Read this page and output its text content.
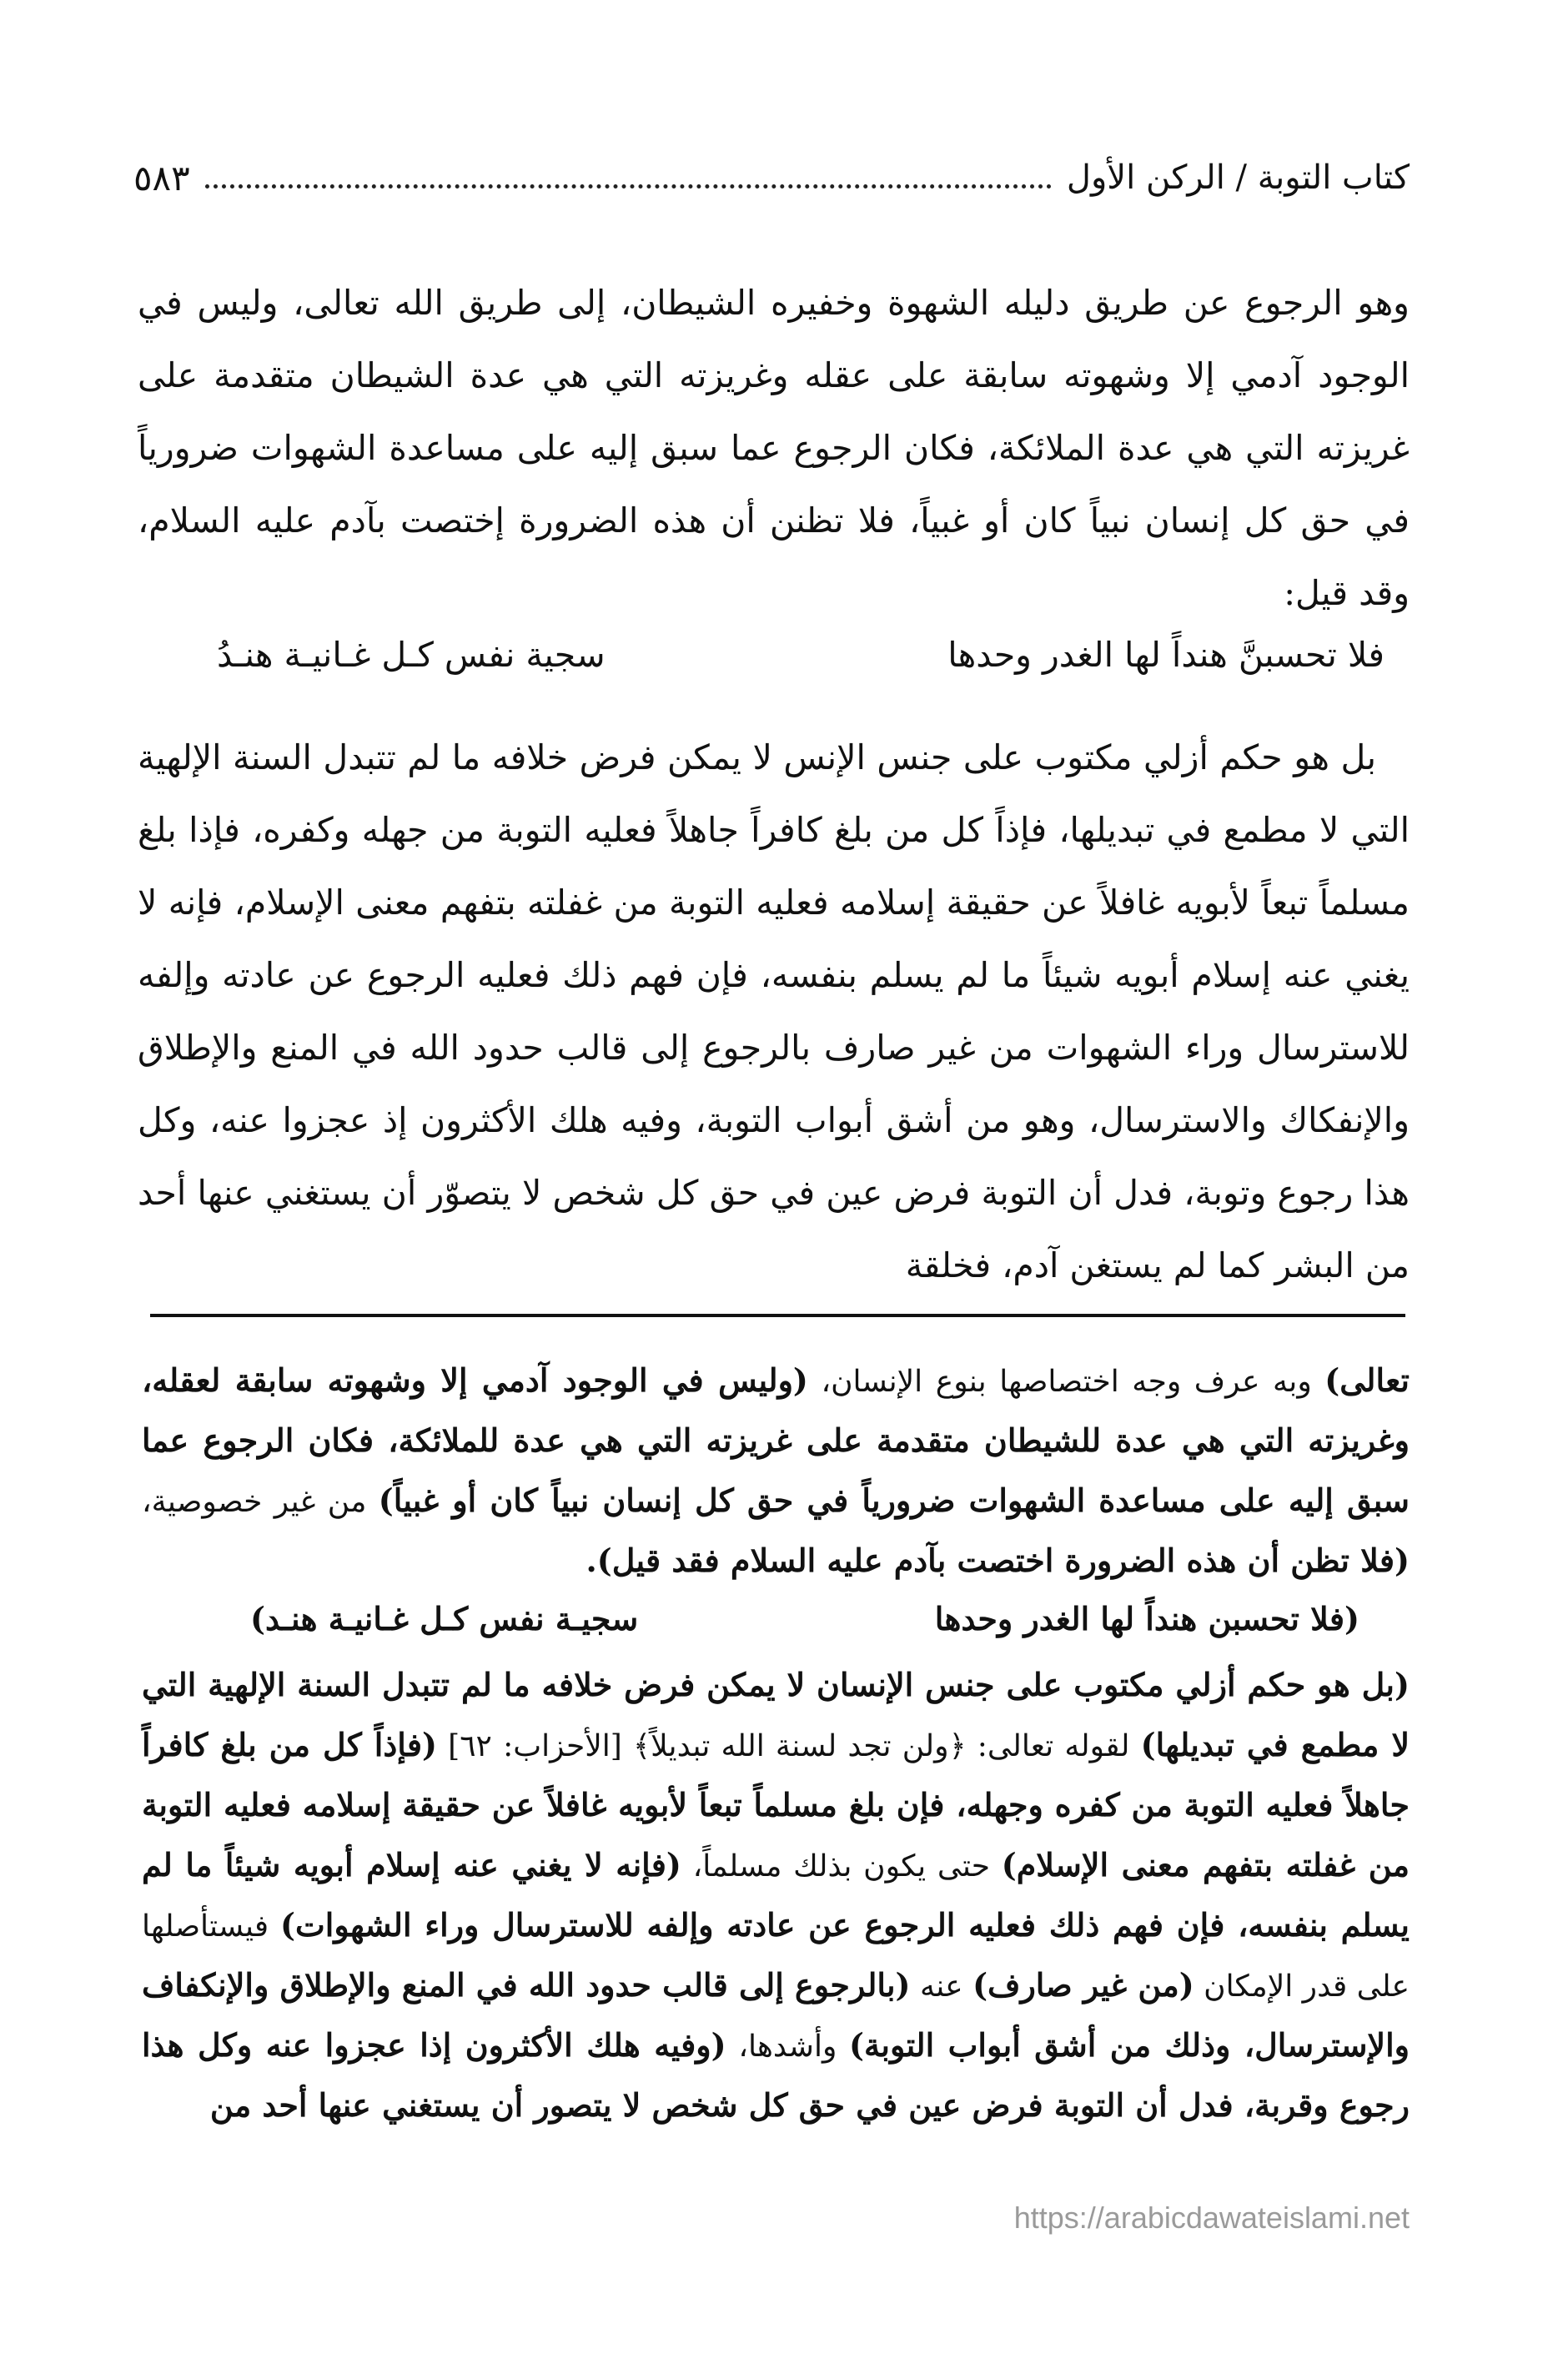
كتاب التوبة / الركن الأول
٥٨٣

وهو الرجوع عن طريق دليله الشهوة وخفيره الشيطان، إلى طريق الله تعالى، وليس في الوجود آدمي إلا وشهوته سابقة على عقله وغريزته التي هي عدة الشيطان متقدمة على غريزته التي هي عدة الملائكة، فكان الرجوع عما سبق إليه على مساعدة الشهوات ضرورياً في حق كل إنسان نبياً كان أو غبياً، فلا تظنن أن هذه الضرورة إختصت بآدم عليه السلام، وقد قيل:

فلا تحسبنَّ هنداً لها الغدر وحدها
سجية نفس كـل غـانيـة هنـدُ

بل هو حكم أزلي مكتوب على جنس الإنس لا يمكن فرض خلافه ما لم تتبدل السنة الإلهية التي لا مطمع في تبديلها، فإذاً كل من بلغ كافراً جاهلاً فعليه التوبة من جهله وكفره، فإذا بلغ مسلماً تبعاً لأبويه غافلاً عن حقيقة إسلامه فعليه التوبة من غفلته بتفهم معنى الإسلام، فإنه لا يغني عنه إسلام أبويه شيئاً ما لم يسلم بنفسه، فإن فهم ذلك فعليه الرجوع عن عادته وإلفه للاسترسال وراء الشهوات من غير صارف بالرجوع إلى قالب حدود الله في المنع والإطلاق والإنفكاك والاسترسال، وهو من أشق أبواب التوبة، وفيه هلك الأكثرون إذ عجزوا عنه، وكل هذا رجوع وتوبة، فدل أن التوبة فرض عين في حق كل شخص لا يتصوّر أن يستغني عنها أحد من البشر كما لم يستغن آدم، فخلقة

تعالى) وبه عرف وجه اختصاصها بنوع الإنسان، (وليس في الوجود آدمي إلا وشهوته سابقة لعقله، وغريزته التي هي عدة للشيطان متقدمة على غريزته التي هي عدة للملائكة، فكان الرجوع عما سبق إليه على مساعدة الشهوات ضرورياً في حق كل إنسان نبياً كان أو غبياً) من غير خصوصية، (فلا تظن أن هذه الضرورة اختصت بآدم عليه السلام فقد قيل).

(فلا تحسبن هنداً لها الغدر وحدها
سجيـة نفس كـل غـانيـة هنـد)

(بل هو حكم أزلي مكتوب على جنس الإنسان لا يمكن فرض خلافه ما لم تتبدل السنة الإلهية التي لا مطمع في تبديلها) لقوله تعالى: ﴿ولن تجد لسنة الله تبديلاً﴾ [الأحزاب: ٦٢] (فإذاً كل من بلغ كافراً جاهلاً فعليه التوبة من كفره وجهله، فإن بلغ مسلماً تبعاً لأبويه غافلاً عن حقيقة إسلامه فعليه التوبة من غفلته بتفهم معنى الإسلام) حتى يكون بذلك مسلماً، (فإنه لا يغني عنه إسلام أبويه شيئاً ما لم يسلم بنفسه، فإن فهم ذلك فعليه الرجوع عن عادته وإلفه للاسترسال وراء الشهوات) فيستأصلها على قدر الإمكان (من غير صارف) عنه (بالرجوع إلى قالب حدود الله في المنع والإطلاق والإنكفاف والإسترسال، وذلك من أشق أبواب التوبة) وأشدها، (وفيه هلك الأكثرون إذا عجزوا عنه وكل هذا رجوع وقربة، فدل أن التوبة فرض عين في حق كل شخص لا يتصور أن يستغني عنها أحد من

https://arabicdawateislami.net
